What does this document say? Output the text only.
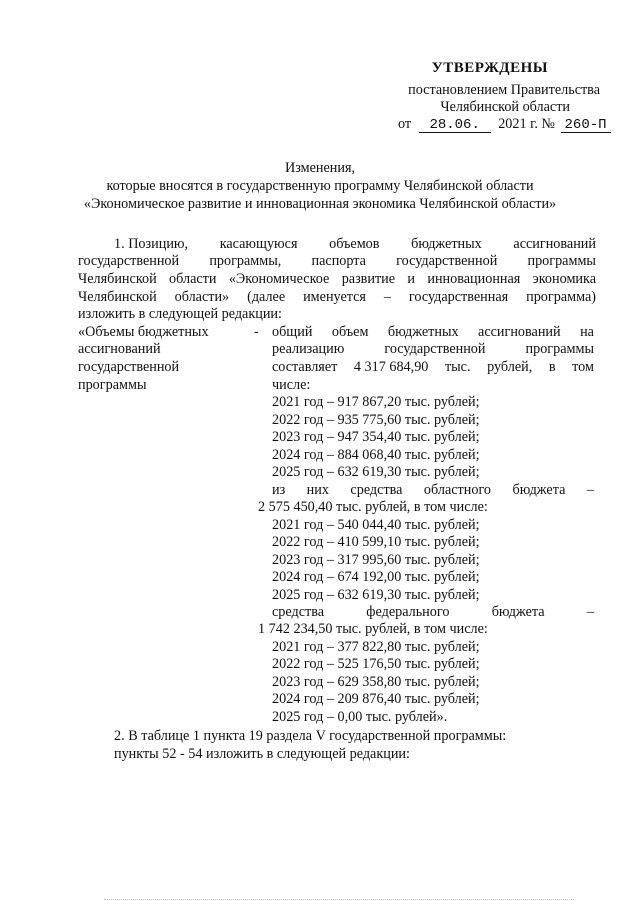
УТВЕРЖДЕНЫ
постановлением Правительства
Челябинской области
от 28.06. 2021 г. № 260-П
Изменения,
которые вносятся в государственную программу Челябинской области
«Экономическое развитие и инновационная экономика Челябинской области»
1. Позицию, касающуюся объемов бюджетных ассигнований
государственной программы, паспорта государственной программы
Челябинской области «Экономическое развитие и инновационная экономика
Челябинской области» (далее именуется – государственная программа)
изложить в следующей редакции:
«Объемы бюджетных
ассигнований
государственной
программы
- общий объем бюджетных ассигнований на
реализацию	государственной	программы
составляет 4 317 684,90 тыс. рублей, в том
числе:
2021 год – 917 867,20 тыс. рублей;
2022 год – 935 775,60 тыс. рублей;
2023 год – 947 354,40 тыс. рублей;
2024 год – 884 068,40 тыс. рублей;
2025 год – 632 619,30 тыс. рублей;
из них средства областного бюджета –
2 575 450,40 тыс. рублей, в том числе:
2021 год – 540 044,40 тыс. рублей;
2022 год – 410 599,10 тыс. рублей;
2023 год – 317 995,60 тыс. рублей;
2024 год – 674 192,00 тыс. рублей;
2025 год – 632 619,30 тыс. рублей;
средства	федерального	бюджета	–
1 742 234,50 тыс. рублей, в том числе:
2021 год – 377 822,80 тыс. рублей;
2022 год – 525 176,50 тыс. рублей;
2023 год – 629 358,80 тыс. рублей;
2024 год – 209 876,40 тыс. рублей;
2025 год – 0,00 тыс. рублей».
2. В таблице 1 пункта 19 раздела V государственной программы:
пункты 52 - 54 изложить в следующей редакции:
